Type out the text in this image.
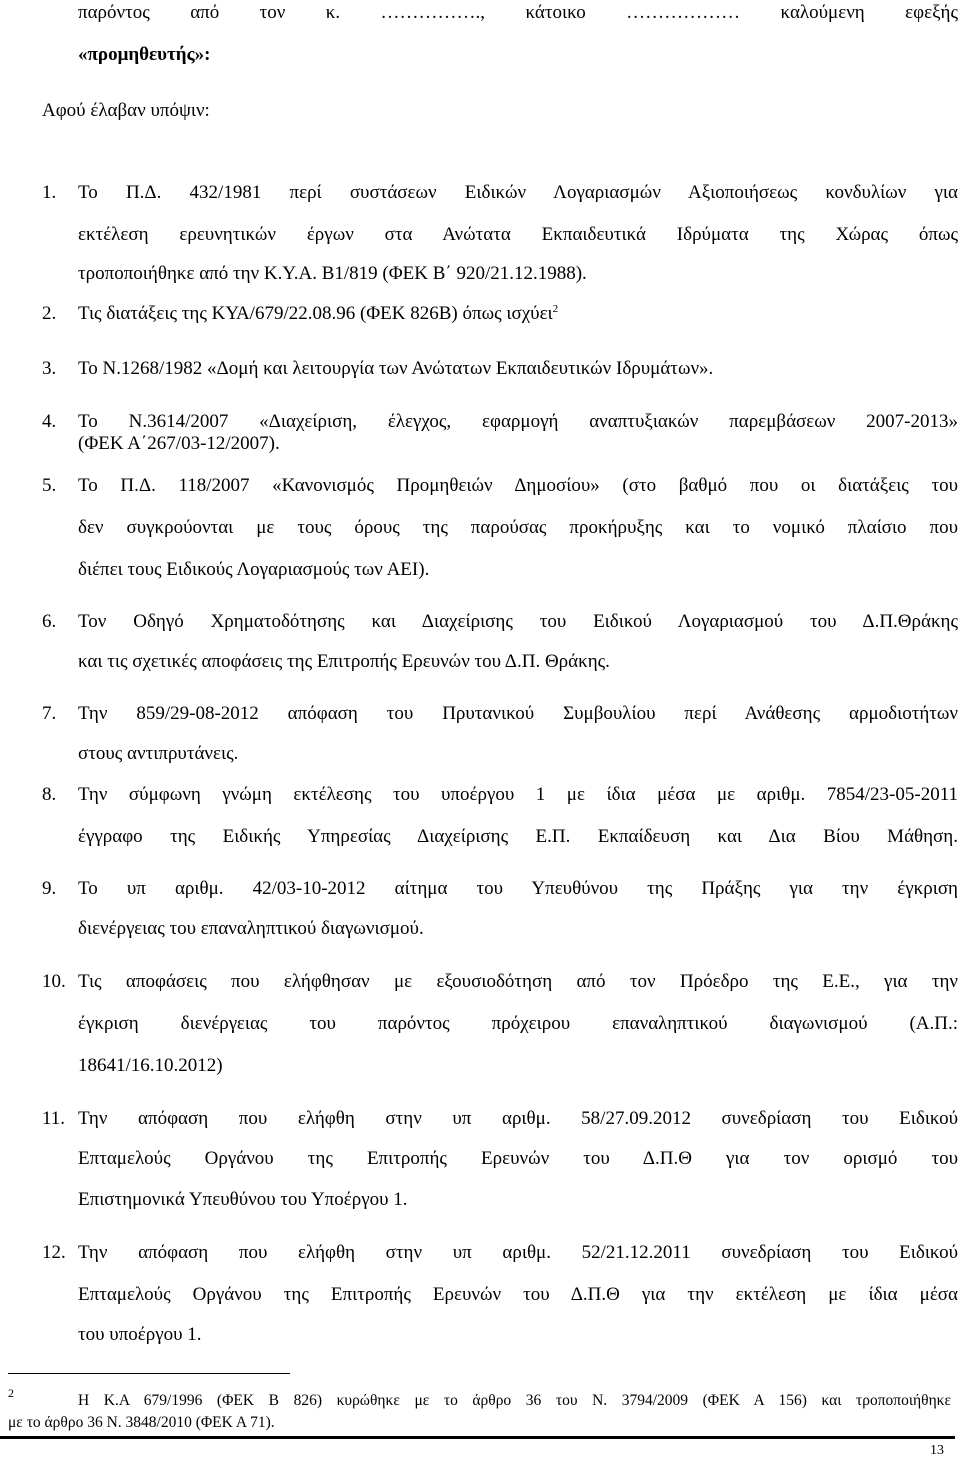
παρόντος από τον κ. ……………., κάτοικο ……………… καλούμενη εφεξής
«προμηθευτής»:
Αφού έλαβαν υπόψιν:
1. Το Π.Δ. 432/1981 περί συστάσεων Ειδικών Λογαριασμών Αξιοποιήσεως κονδυλίων για
εκτέλεση ερευνητικών έργων στα Ανώτατα Εκπαιδευτικά Ιδρύματα της Χώρας όπως
τροποποιήθηκε από την Κ.Υ.Α. Β1/819 (ΦΕΚ Β΄ 920/21.12.1988).
2. Τις διατάξεις της ΚΥΑ/679/22.08.96 (ΦΕΚ 826Β) όπως ισχύει$^2$
3. Το Ν.1268/1982 «Δομή και λειτουργία των Ανώτατων Εκπαιδευτικών Ιδρυμάτων».
4. Το Ν.3614/2007 «Διαχείριση, έλεγχος, εφαρμογή αναπτυξιακών παρεμβάσεων 2007-2013»
(ΦΕΚ Α΄267/03-12/2007).
5. Το Π.Δ. 118/2007 «Κανονισμός Προμηθειών Δημοσίου» (στο βαθμό που οι διατάξεις του
δεν συγκρούονται με τους όρους της παρούσας προκήρυξης και το νομικό πλαίσιο που
διέπει τους Ειδικούς Λογαριασμούς των ΑΕΙ).
6. Τον Οδηγό Χρηματοδότησης και Διαχείρισης του Ειδικού Λογαριασμού του Δ.Π.Θράκης
και τις σχετικές αποφάσεις της Επιτροπής Ερευνών του Δ.Π. Θράκης.
7. Την 859/29-08-2012 απόφαση του Πρυτανικού Συμβουλίου περί Ανάθεσης αρμοδιοτήτων
στους αντιπρυτάνεις.
8. Την σύμφωνη γνώμη εκτέλεσης του υποέργου 1 με ίδια μέσα με αριθμ. 7854/23-05-2011
έγγραφο της Ειδικής Υπηρεσίας Διαχείρισης Ε.Π. Εκπαίδευση και Δια Βίου Μάθηση.
9. Το υπ αριθμ. 42/03-10-2012 αίτημα του Υπευθύνου της Πράξης για την έγκριση
διενέργειας του επαναληπτικού διαγωνισμού.
10. Τις αποφάσεις που ελήφθησαν με εξουσιοδότηση από τον Πρόεδρο της Ε.Ε., για την
έγκριση διενέργειας του παρόντος πρόχειρου επαναληπτικού διαγωνισμού (Α.Π.:
18641/16.10.2012)
11. Την απόφαση που ελήφθη στην υπ αριθμ. 58/27.09.2012 συνεδρίαση του Ειδικού
Επταμελούς Οργάνου της Επιτροπής Ερευνών του Δ.Π.Θ για τον ορισμό του
Επιστημονικά Υπευθύνου του Υποέργου 1.
12. Την απόφαση που ελήφθη στην υπ αριθμ. 52/21.12.2011 συνεδρίαση του Ειδικού
Επταμελούς Οργάνου της Επιτροπής Ερευνών του Δ.Π.Θ για την εκτέλεση με ίδια μέσα
του υποέργου 1.
2	Η Κ.Α 679/1996 (ΦΕΚ Β 826) κυρώθηκε με το άρθρο 36 του Ν. 3794/2009 (ΦΕΚ Α 156) και τροποποιήθηκε
με το άρθρο 36 Ν. 3848/2010 (ΦΕΚ Α 71).
13
